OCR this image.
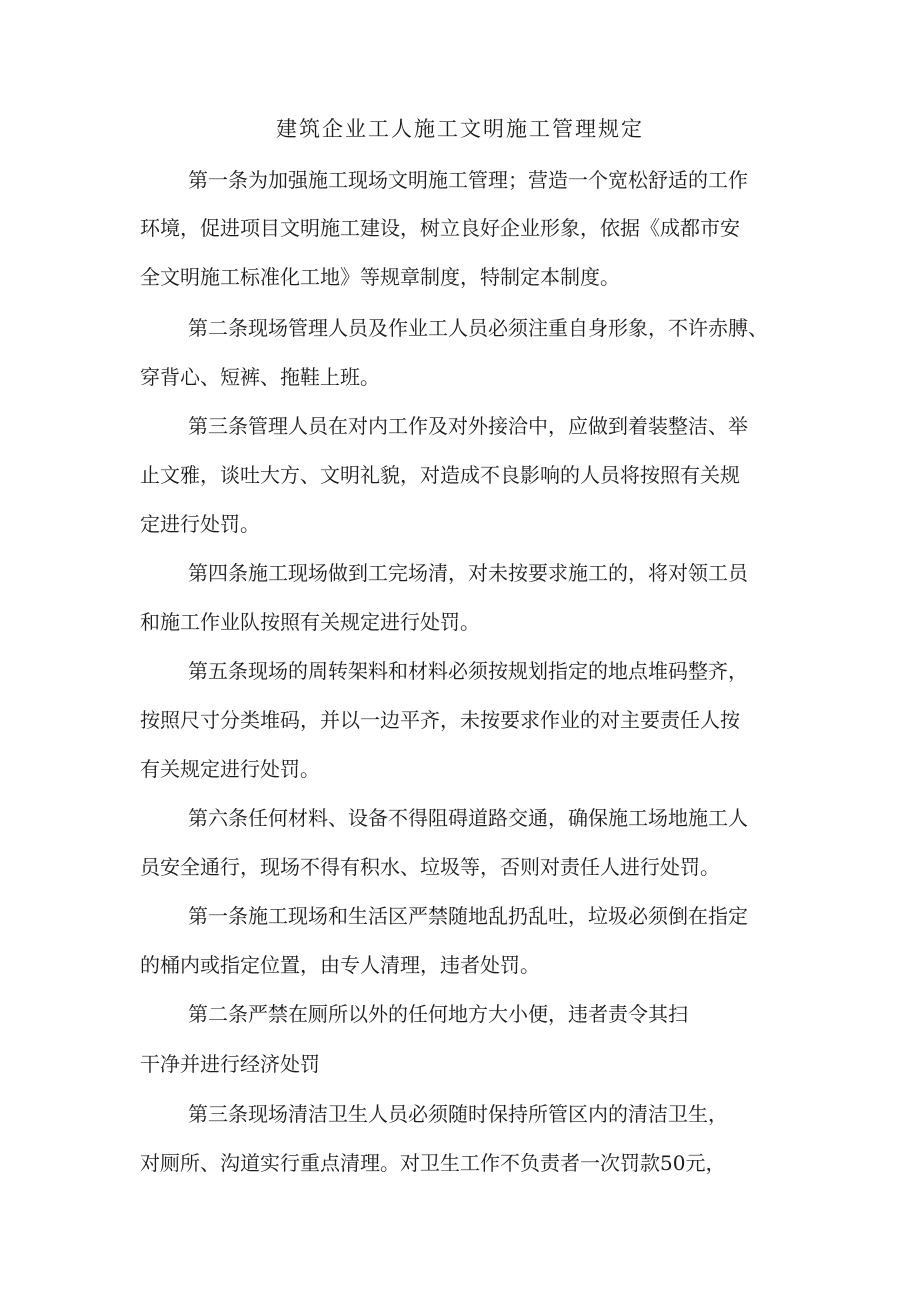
建筑企业工人施工文明施工管理规定
第一条为加强施工现场文明施工管理；营造一个宽松舒适的工作
环境，促进项目文明施工建设，树立良好企业形象，依据《成都市安
全文明施工标准化工地》等规章制度，特制定本制度。
第二条现场管理人员及作业工人员必须注重自身形象，不许赤膊、
穿背心、短裤、拖鞋上班。
第三条管理人员在对内工作及对外接洽中，应做到着装整洁、举
止文雅，谈吐大方、文明礼貌，对造成不良影响的人员将按照有关规
定进行处罚。
第四条施工现场做到工完场清，对未按要求施工的，将对领工员
和施工作业队按照有关规定进行处罚。
第五条现场的周转架料和材料必须按规划指定的地点堆码整齐，
按照尺寸分类堆码，并以一边平齐，未按要求作业的对主要责任人按
有关规定进行处罚。
第六条任何材料、设备不得阻碍道路交通，确保施工场地施工人
员安全通行，现场不得有积水、垃圾等，否则对责任人进行处罚。
第一条施工现场和生活区严禁随地乱扔乱吐，垃圾必须倒在指定
的桶内或指定位置，由专人清理，违者处罚。
第二条严禁在厕所以外的任何地方大小便，违者责令其扫
干净并进行经济处罚
第三条现场清洁卫生人员必须随时保持所管区内的清洁卫生，
对厕所、沟道实行重点清理。对卫生工作不负责者一次罚款50元，
